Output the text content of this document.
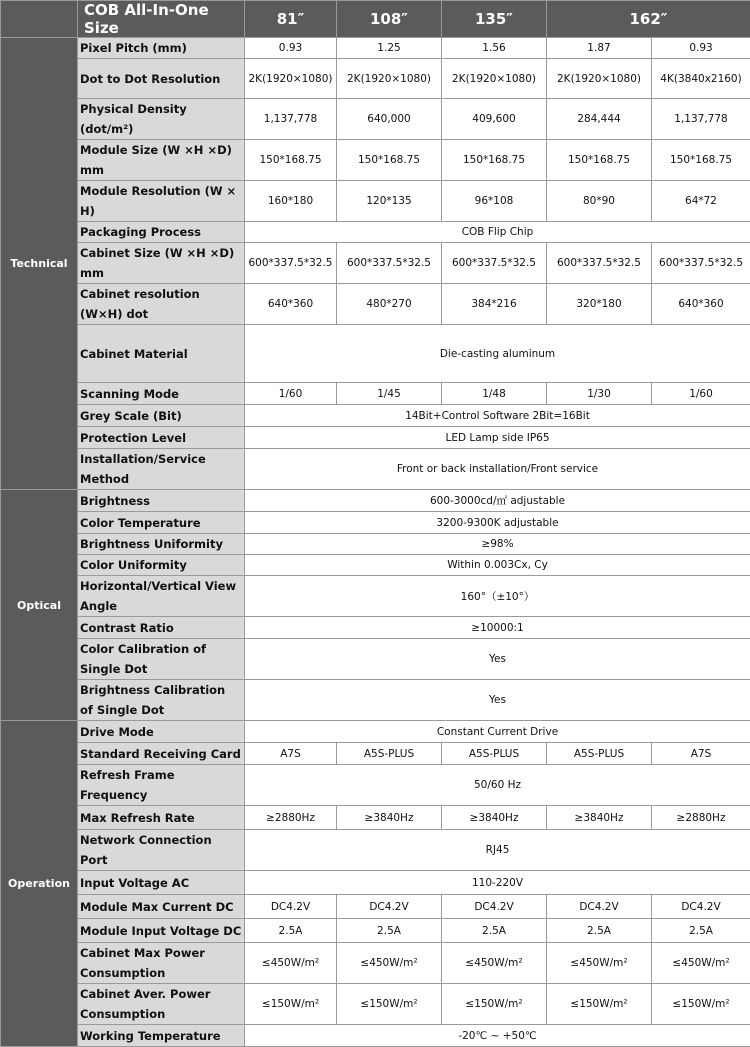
	COB All-In-One Size	81″	108″	135″	162″	
Technical	Pixel Pitch (mm)	0.93	1.25	1.56	1.87	0.93
	Dot to Dot Resolution	2K(1920×1080)	2K(1920×1080)	2K(1920×1080)	2K(1920×1080)	4K(3840x2160)
	Physical Density (dot/m²)	1,137,778	640,000	409,600	284,444	1,137,778
	Module Size (W ×H ×D) mm	150*168.75	150*168.75	150*168.75	150*168.75	150*168.75
	Module Resolution (W × H)	160*180	120*135	96*108	80*90	64*72
	Packaging Process	COB Flip Chip				
	Cabinet Size (W ×H ×D) mm	600*337.5*32.5	600*337.5*32.5	600*337.5*32.5	600*337.5*32.5	600*337.5*32.5
	Cabinet resolution (W×H) dot	640*360	480*270	384*216	320*180	640*360
	Cabinet Material	Die-casting aluminum				
	Scanning Mode	1/60	1/45	1/48	1/30	1/60
	Grey Scale (Bit)	14Bit+Control Software 2Bit=16Bit				
	Protection Level	LED Lamp side IP65				
	Installation/Service Method	Front or back installation/Front service				
Optical	Brightness	600-3000cd/㎡ adjustable				
	Color Temperature	3200-9300K adjustable				
	Brightness Uniformity	≥98%				
	Color Uniformity	Within 0.003Cx, Cy				
	Horizontal/Vertical View Angle	160°（±10°）				
	Contrast Ratio	≥10000:1				
	Color Calibration of Single Dot	Yes				
	Brightness Calibration of Single Dot	Yes				
Operation	Drive Mode	Constant Current Drive				
	Standard Receiving Card	A7S	A5S-PLUS	A5S-PLUS	A5S-PLUS	A7S
	Refresh Frame Frequency	50/60 Hz				
	Max Refresh Rate	≥2880Hz	≥3840Hz	≥3840Hz	≥3840Hz	≥2880Hz
	Network Connection Port	RJ45				
	Input Voltage AC	110-220V				
	Module Max Current DC	DC4.2V	DC4.2V	DC4.2V	DC4.2V	DC4.2V
	Module Input Voltage DC	2.5A	2.5A	2.5A	2.5A	2.5A
	Cabinet Max Power Consumption	≤450W/m²	≤450W/m²	≤450W/m²	≤450W/m²	≤450W/m²
	Cabinet Aver. Power Consumption	≤150W/m²	≤150W/m²	≤150W/m²	≤150W/m²	≤150W/m²
	Working Temperature	-20℃ ~ +50℃				
